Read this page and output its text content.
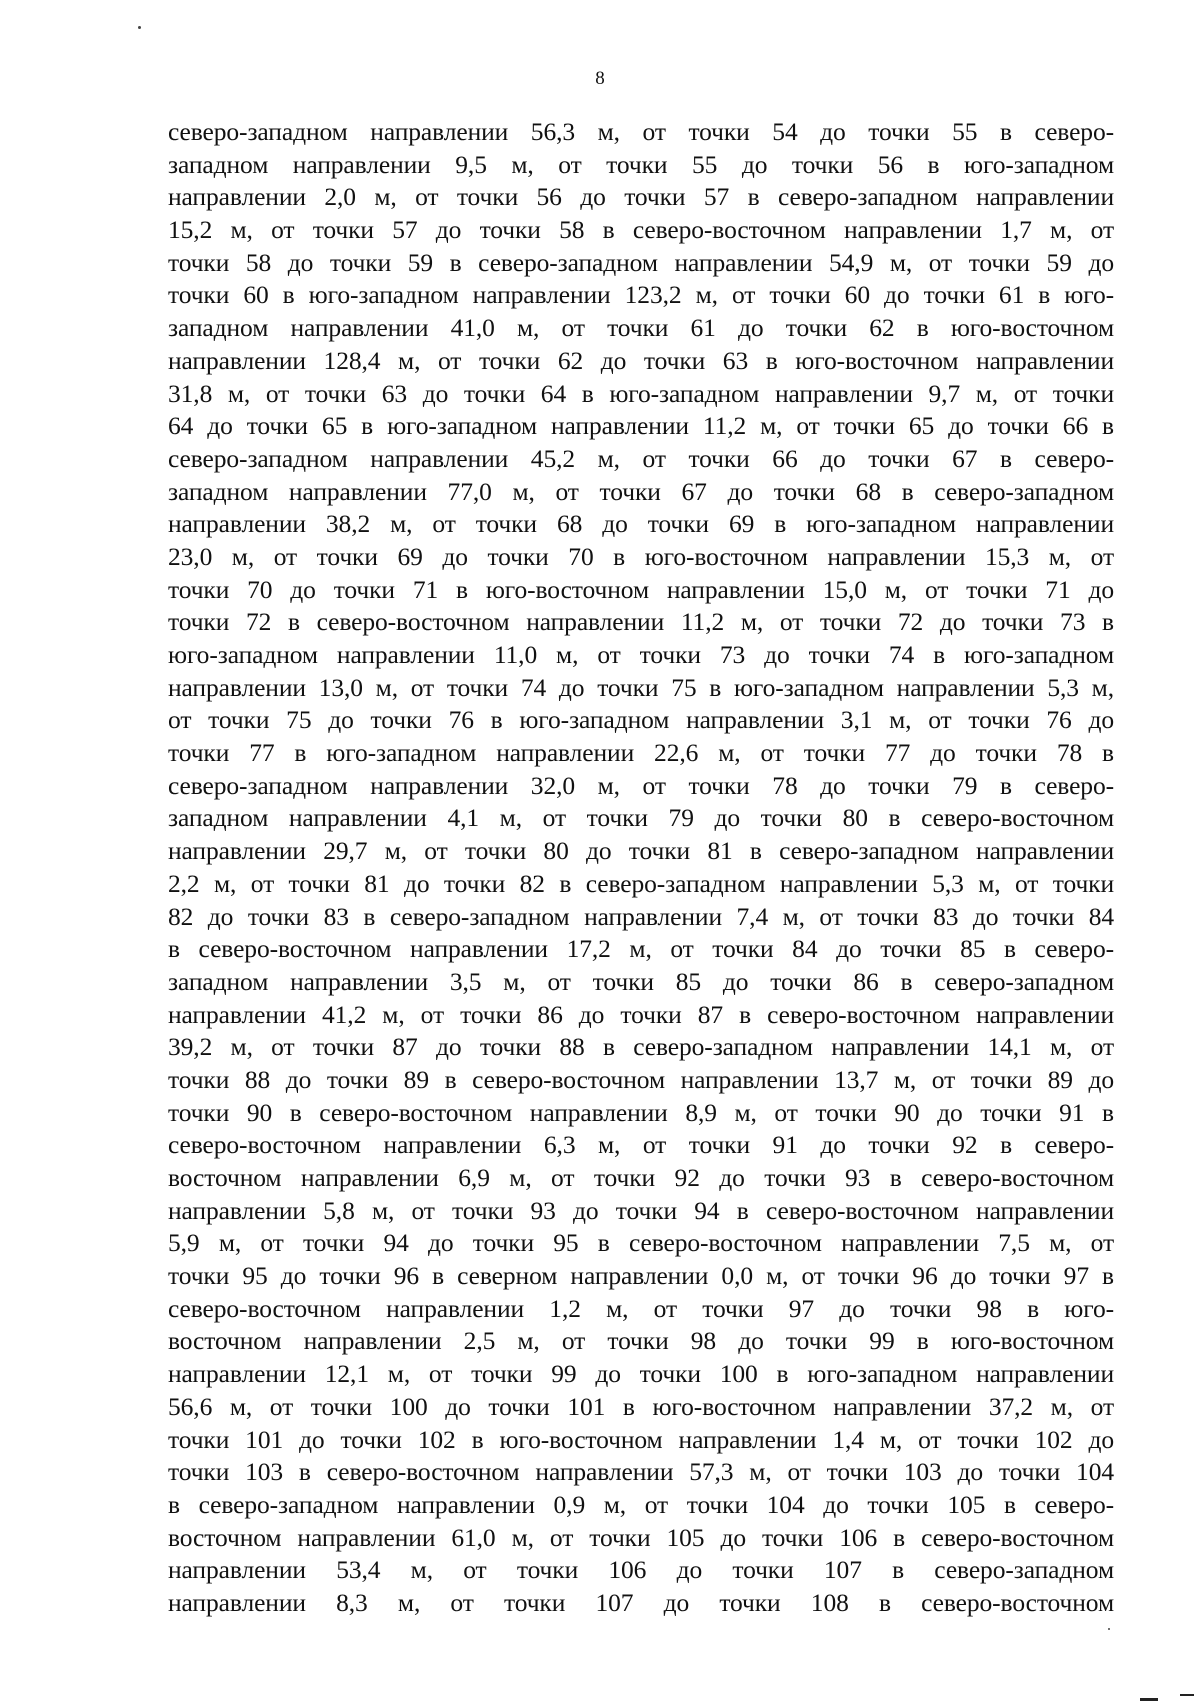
8
северо-западном направлении 56,3 м, от точки 54 до точки 55 в северо-
западном направлении 9,5 м, от точки 55 до точки 56 в юго-западном
направлении 2,0 м, от точки 56 до точки 57 в северо-западном направлении
15,2 м, от точки 57 до точки 58 в северо-восточном направлении 1,7 м, от
точки 58 до точки 59 в северо-западном направлении 54,9 м, от точки 59 до
точки 60 в юго-западном направлении 123,2 м, от точки 60 до точки 61 в юго-
западном направлении 41,0 м, от точки 61 до точки 62 в юго-восточном
направлении 128,4 м, от точки 62 до точки 63 в юго-восточном направлении
31,8 м, от точки 63 до точки 64 в юго-западном направлении 9,7 м, от точки
64 до точки 65 в юго-западном направлении 11,2 м, от точки 65 до точки 66 в
северо-западном направлении 45,2 м, от точки 66 до точки 67 в северо-
западном направлении 77,0 м, от точки 67 до точки 68 в северо-западном
направлении 38,2 м, от точки 68 до точки 69 в юго-западном направлении
23,0 м, от точки 69 до точки 70 в юго-восточном направлении 15,3 м, от
точки 70 до точки 71 в юго-восточном направлении 15,0 м, от точки 71 до
точки 72 в северо-восточном направлении 11,2 м, от точки 72 до точки 73 в
юго-западном направлении 11,0 м, от точки 73 до точки 74 в юго-западном
направлении 13,0 м, от точки 74 до точки 75 в юго-западном направлении 5,3 м,
от точки 75 до точки 76 в юго-западном направлении 3,1 м, от точки 76 до
точки 77 в юго-западном направлении 22,6 м, от точки 77 до точки 78 в
северо-западном направлении 32,0 м, от точки 78 до точки 79 в северо-
западном направлении 4,1 м, от точки 79 до точки 80 в северо-восточном
направлении 29,7 м, от точки 80 до точки 81 в северо-западном направлении
2,2 м, от точки 81 до точки 82 в северо-западном направлении 5,3 м, от точки
82 до точки 83 в северо-западном направлении 7,4 м, от точки 83 до точки 84
в северо-восточном направлении 17,2 м, от точки 84 до точки 85 в северо-
западном направлении 3,5 м, от точки 85 до точки 86 в северо-западном
направлении 41,2 м, от точки 86 до точки 87 в северо-восточном направлении
39,2 м, от точки 87 до точки 88 в северо-западном направлении 14,1 м, от
точки 88 до точки 89 в северо-восточном направлении 13,7 м, от точки 89 до
точки 90 в северо-восточном направлении 8,9 м, от точки 90 до точки 91 в
северо-восточном направлении 6,3 м, от точки 91 до точки 92 в северо-
восточном направлении 6,9 м, от точки 92 до точки 93 в северо-восточном
направлении 5,8 м, от точки 93 до точки 94 в северо-восточном направлении
5,9 м, от точки 94 до точки 95 в северо-восточном направлении 7,5 м, от
точки 95 до точки 96 в северном направлении 0,0 м, от точки 96 до точки 97 в
северо-восточном направлении 1,2 м, от точки 97 до точки 98 в юго-
восточном направлении 2,5 м, от точки 98 до точки 99 в юго-восточном
направлении 12,1 м, от точки 99 до точки 100 в юго-западном направлении
56,6 м, от точки 100 до точки 101 в юго-восточном направлении 37,2 м, от
точки 101 до точки 102 в юго-восточном направлении 1,4 м, от точки 102 до
точки 103 в северо-восточном направлении 57,3 м, от точки 103 до точки 104
в северо-западном направлении 0,9 м, от точки 104 до точки 105 в северо-
восточном направлении 61,0 м, от точки 105 до точки 106 в северо-восточном
направлении 53,4 м, от точки 106 до точки 107 в северо-западном
направлении 8,3 м, от точки 107 до точки 108 в северо-восточном
